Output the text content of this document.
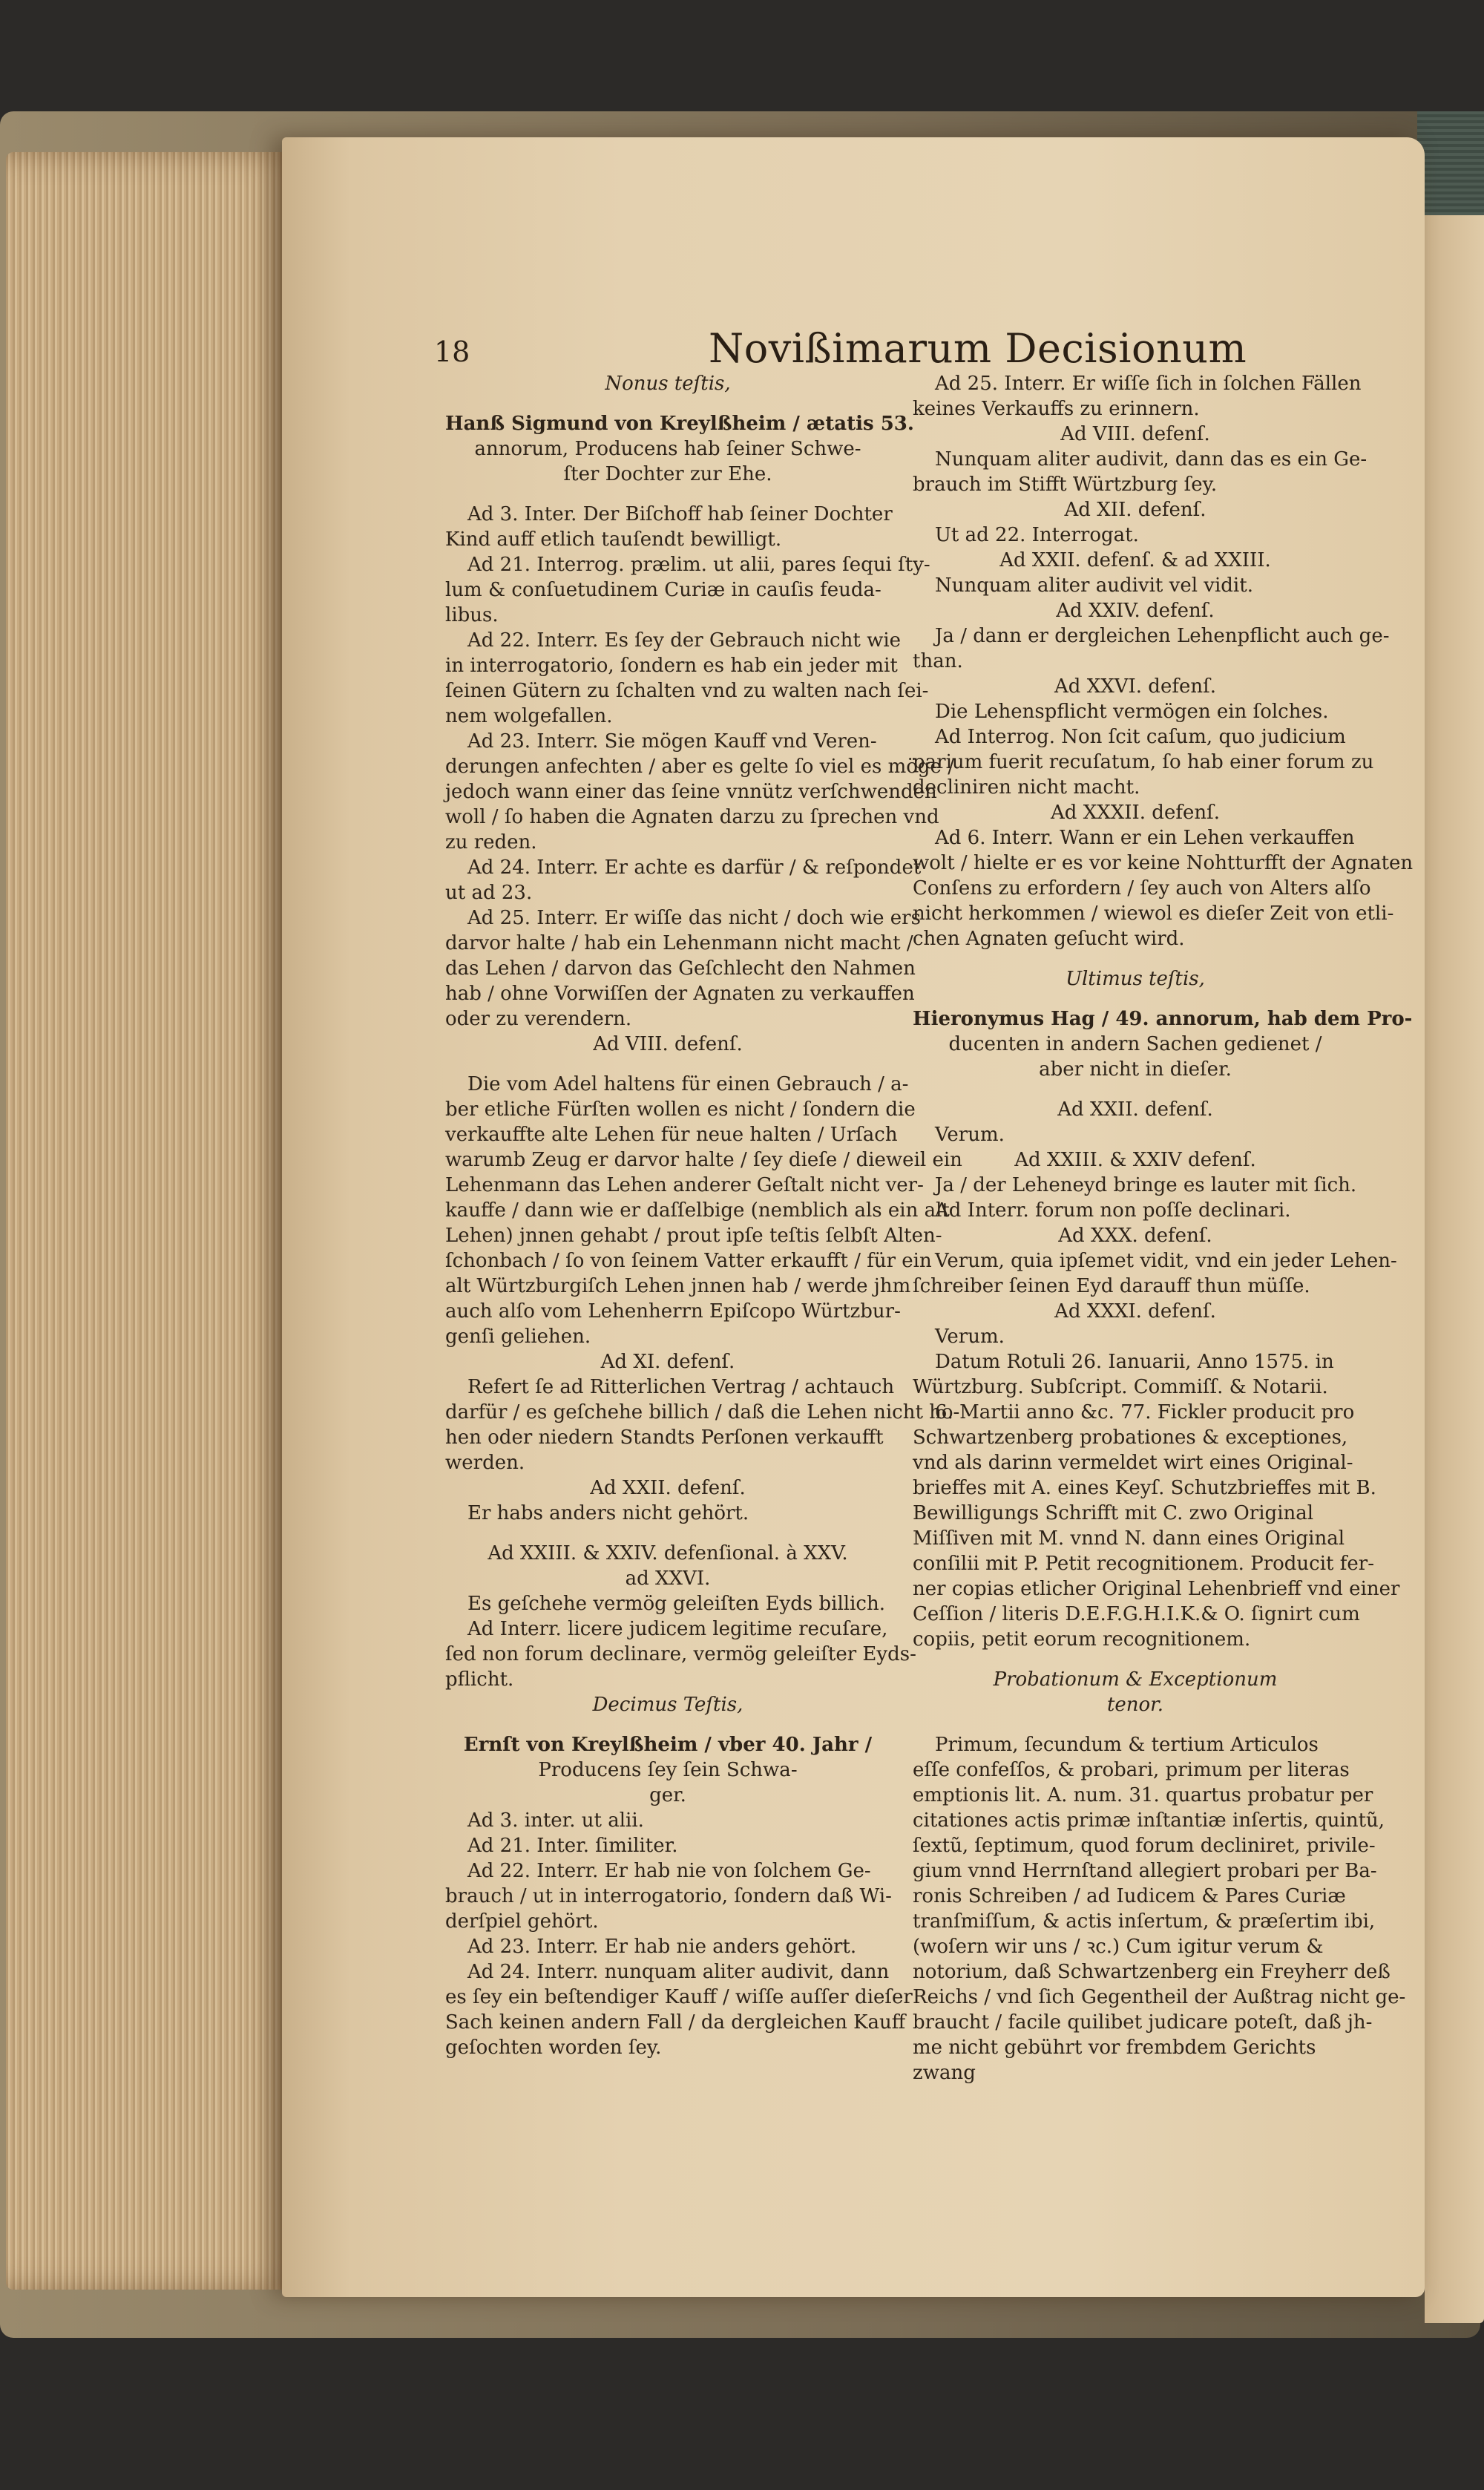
18	Novißimarum Decisionum
Nonus teſtis,
Hanß Sigmund von Kreylßheim / ætatis 53.
annorum, Producens hab ſeiner Schwe-
ſter Dochter zur Ehe.
Ad 3. Inter. Der Biſchoff hab ſeiner Dochter
Kind auff etlich tauſendt bewilligt.
Ad 21. Interrog. prælim. ut alii, pares ſequi ſty-
lum & conſuetudinem Curiæ in cauſis feuda-
libus.
Ad 22. Interr. Es ſey der Gebrauch nicht wie
in interrogatorio, ſondern es hab ein jeder mit
ſeinen Gütern zu ſchalten vnd zu walten nach ſei-
nem wolgefallen.
Ad 23. Interr. Sie mögen Kauff vnd Veren-
derungen anfechten / aber es gelte ſo viel es möge /
jedoch wann einer das ſeine vnnütz verſchwenden
woll / ſo haben die Agnaten darzu zu ſprechen vnd
zu reden.
Ad 24. Interr. Er achte es darfür / & reſpondet
ut ad 23.
Ad 25. Interr. Er wiſſe das nicht / doch wie ers
darvor halte / hab ein Lehenmann nicht macht /
das Lehen / darvon das Geſchlecht den Nahmen
hab / ohne Vorwiſſen der Agnaten zu verkauffen
oder zu verendern.
Ad VIII. defenſ.
Die vom Adel haltens für einen Gebrauch / a-
ber etliche Fürſten wollen es nicht / ſondern die
verkauffte alte Lehen für neue halten / Urſach
warumb Zeug er darvor halte / ſey dieſe / dieweil ein
Lehenmann das Lehen anderer Geſtalt nicht ver-
kauffe / dann wie er daſſelbige (nemblich als ein alt
Lehen) jnnen gehabt / prout ipſe teſtis ſelbſt Alten-
ſchonbach / ſo von ſeinem Vatter erkaufft / für ein
alt Würtzburgiſch Lehen jnnen hab / werde jhm
auch alſo vom Lehenherrn Epiſcopo Würtzbur-
genſi geliehen.
Ad XI. defenſ.
Refert ſe ad Ritterlichen Vertrag / achtauch
darfür / es geſchehe billich / daß die Lehen nicht ho-
hen oder niedern Standts Perſonen verkaufft
werden.
Ad XXII. defenſ.
Er habs anders nicht gehört.
Ad XXIII. & XXIV. defenſional. à XXV.
ad XXVI.
Es geſchehe vermög geleiſten Eyds billich.
Ad Interr. licere judicem legitime recuſare,
ſed non forum declinare, vermög geleiſter Eyds-
pflicht.
Decimus Teſtis,
Ernſt von Kreylßheim / vber 40. Jahr /
Producens ſey ſein Schwa-
ger.
Ad 3. inter. ut alii.
Ad 21. Inter. ſimiliter.
Ad 22. Interr. Er hab nie von ſolchem Ge-
brauch / ut in interrogatorio, ſondern daß Wi-
derſpiel gehört.
Ad 23. Interr. Er hab nie anders gehört.
Ad 24. Interr. nunquam aliter audivit, dann
es ſey ein beſtendiger Kauff / wiſſe auſſer dieſer
Sach keinen andern Fall / da dergleichen Kauff
geſochten worden ſey.
Ad 25. Interr. Er wiſſe ſich in ſolchen Fällen
keines Verkauffs zu erinnern.
Ad VIII. defenſ.
Nunquam aliter audivit, dann das es ein Ge-
brauch im Stifft Würtzburg ſey.
Ad XII. defenſ.
Ut ad 22. Interrogat.
Ad XXII. defenſ. & ad XXIII.
Nunquam aliter audivit vel vidit.
Ad XXIV. defenſ.
Ja / dann er dergleichen Lehenpflicht auch ge-
than.
Ad XXVI. defenſ.
Die Lehenspflicht vermögen ein ſolches.
Ad Interrog. Non ſcit caſum, quo judicium
parium fuerit recuſatum, ſo hab einer forum zu
decliniren nicht macht.
Ad XXXII. defenſ.
Ad 6. Interr. Wann er ein Lehen verkauffen
wolt / hielte er es vor keine Nohtturfft der Agnaten
Conſens zu erfordern / ſey auch von Alters alſo
nicht herkommen / wiewol es dieſer Zeit von etli-
chen Agnaten geſucht wird.
Ultimus teſtis,
Hieronymus Hag / 49. annorum, hab dem Pro-
ducenten in andern Sachen gedienet /
aber nicht in dieſer.
Ad XXII. defenſ.
Verum.
Ad XXIII. & XXIV defenſ.
Ja / der Lehenеyd bringe es lauter mit ſich.
Ad Interr. forum non poſſe declinari.
Ad XXX. defenſ.
Verum, quia ipſemet vidit, vnd ein jeder Lehen-
ſchreiber ſeinen Eyd darauff thun müſſe.
Ad XXXI. defenſ.
Verum.
Datum Rotuli 26. Ianuarii, Anno 1575. in
Würtzburg. Subſcript. Commiſſ. & Notarii.
6. Martii anno &c. 77. Fickler producit pro
Schwartzenberg probationes & exceptiones,
vnd als darinn vermeldet wirt eines Original-
brieffes mit A. eines Keyſ. Schutzbrieffes mit B.
Bewilligungs Schrifft mit C. zwo Original
Miſſiven mit M. vnnd N. dann eines Original
conſilii mit P. Petit recognitionem. Producit fer-
ner copias etlicher Original Lehenbrieff vnd einer
Ceſſion / literis D.E.F.G.H.I.K.& O. ſignirt cum
copiis, petit eorum recognitionem.
Probationum & Exceptionum
tenor.
Primum, ſecundum & tertium Articulos
eſſe confeſſos, & probari, primum per literas
emptionis lit. A. num. 31. quartus probatur per
citationes actis primæ inſtantiæ inſertis, quintũ,
ſextũ, ſeptimum, quod forum decliniret, privile-
gium vnnd Herrnſtand allegiert probari per Ba-
ronis Schreiben / ad Iudicem & Pares Curiæ
tranſmiſſum, & actis inſertum, & præſertim ibi,
(woſern wir uns / ꝛc.) Cum igitur verum &
notorium, daß Schwartzenberg ein Freyherr deß
Reichs / vnd ſich Gegentheil der Außtrag nicht ge-
braucht / facile quilibet judicare poteſt, daß jh-
me nicht gebührt vor frembdem Gerichts
zwang
